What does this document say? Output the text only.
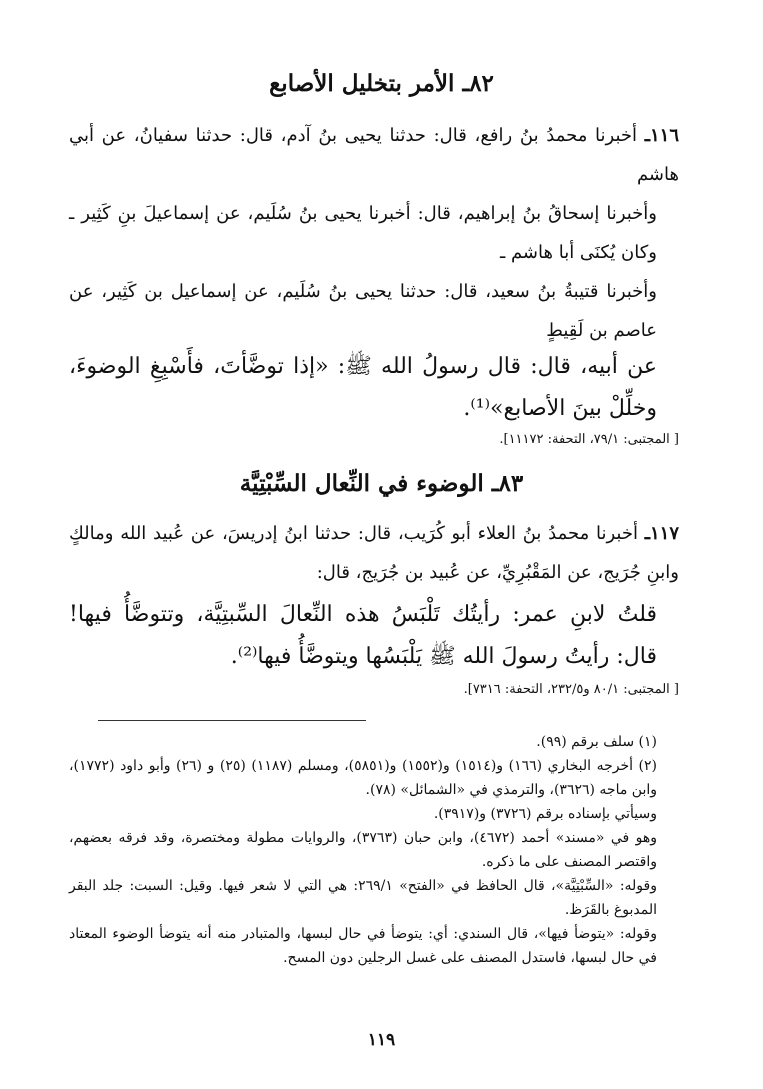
٨٢ـ الأمر بتخليل الأصابع

١١٦ـ أخبرنا محمدُ بنُ رافع، قال: حدثنا يحيى بنُ آدم، قال: حدثنا سفيانُ، عن أبي هاشم

وأخبرنا إسحاقُ بنُ إبراهيم، قال: أخبرنا يحيى بنُ سُلَيم، عن إسماعيلَ بنِ كَثِير ـ وكان يُكنَى أبا هاشم ـ

وأخبرنا قتيبةُ بنُ سعيد، قال: حدثنا يحيى بنُ سُلَيم، عن إسماعيل بن كَثِير، عن عاصم بن لَقِيطٍ

عن أبيه، قال: قال رسولُ الله ﷺ: «إذا توضَّأتَ، فأَسْبِغِ الوضوءَ، وخلِّلْ بينَ الأصابع»⁽¹⁾.

[ المجتبى: ٧٩/١، التحفة: ١١١٧٢].

٨٣ـ الوضوء في النِّعال السِّبْتِيَّة

١١٧ـ أخبرنا محمدُ بنُ العلاء أبو كُرَيب، قال: حدثنا ابنُ إدريسَ، عن عُبيد الله ومالكٍ وابنِ جُرَيج، عن المَقْبُرِيِّ، عن عُبيد بن جُرَيج، قال:

قلتُ لابنِ عمر: رأيتُك تَلْبَسُ هذه النِّعالَ السِّبتِيَّة، وتتوضَّأُ فيها! قال: رأيتُ رسولَ الله ﷺ يَلْبَسُها ويتوضَّأُ فيها⁽²⁾.

[ المجتبى: ٨٠/١ و٢٣٢/٥، التحفة: ٧٣١٦].

(١) سلف برقم (٩٩).

(٢) أخرجه البخاري (١٦٦) و(١٥١٤) و(١٥٥٢) و(٥٨٥١)، ومسلم (١١٨٧) (٢٥) و (٢٦) وأبو داود (١٧٧٢)، وابن ماجه (٣٦٢٦)، والترمذي في «الشمائل» (٧٨).

وسيأتي بإسناده برقم (٣٧٢٦) و(٣٩١٧).

وهو في «مسند» أحمد (٤٦٧٢)، وابن حبان (٣٧٦٣)، والروايات مطولة ومختصرة، وقد فرقه بعضهم، واقتصر المصنف على ما ذكره.

وقوله: «السِّبْتِيَّة»، قال الحافظ في «الفتح» ٢٦٩/١: هي التي لا شعر فيها. وقيل: السبت: جلد البقر المدبوغ بالقَرَظ.

وقوله: «يتوضأ فيها»، قال السندي: أي: يتوضأ في حال لبسها، والمتبادر منه أنه يتوضأ الوضوء المعتاد في حال لبسها، فاستدل المصنف على غسل الرجلين دون المسح.

١١٩
